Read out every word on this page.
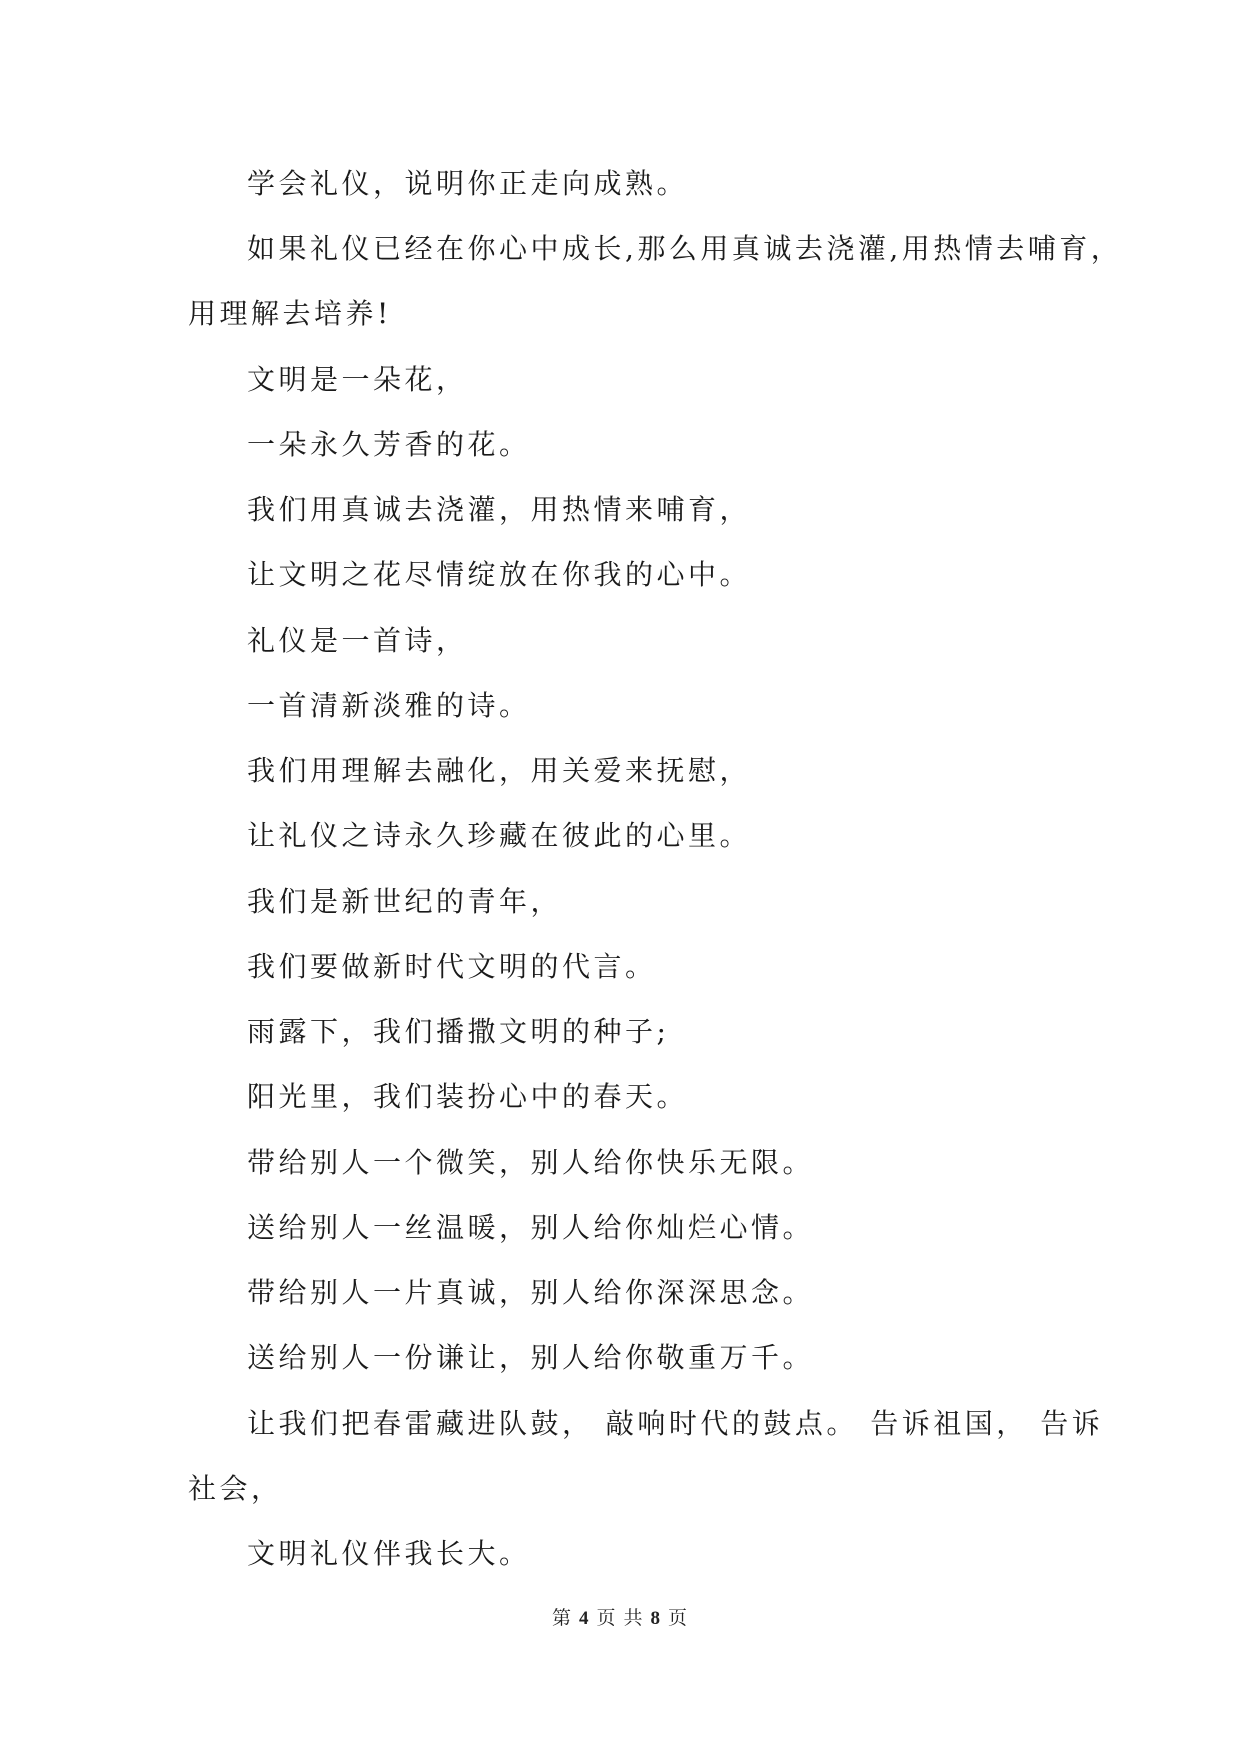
学会礼仪，说明你正走向成熟。
如果礼仪已经在你心中成长,那么用真诚去浇灌,用热情去哺育，
用理解去培养!
文明是一朵花，
一朵永久芳香的花。
我们用真诚去浇灌，用热情来哺育，
让文明之花尽情绽放在你我的心中。
礼仪是一首诗，
一首清新淡雅的诗。
我们用理解去融化，用关爱来抚慰，
让礼仪之诗永久珍藏在彼此的心里。
我们是新世纪的青年，
我们要做新时代文明的代言。
雨露下，我们播撒文明的种子;
阳光里，我们装扮心中的春天。
带给别人一个微笑，别人给你快乐无限。
送给别人一丝温暖，别人给你灿烂心情。
带给别人一片真诚，别人给你深深思念。
送给别人一份谦让，别人给你敬重万千。
让我们把春雷藏进队鼓， 敲响时代的鼓点。 告诉祖国， 告诉
社会，
文明礼仪伴我长大。
第 4 页 共 8 页
